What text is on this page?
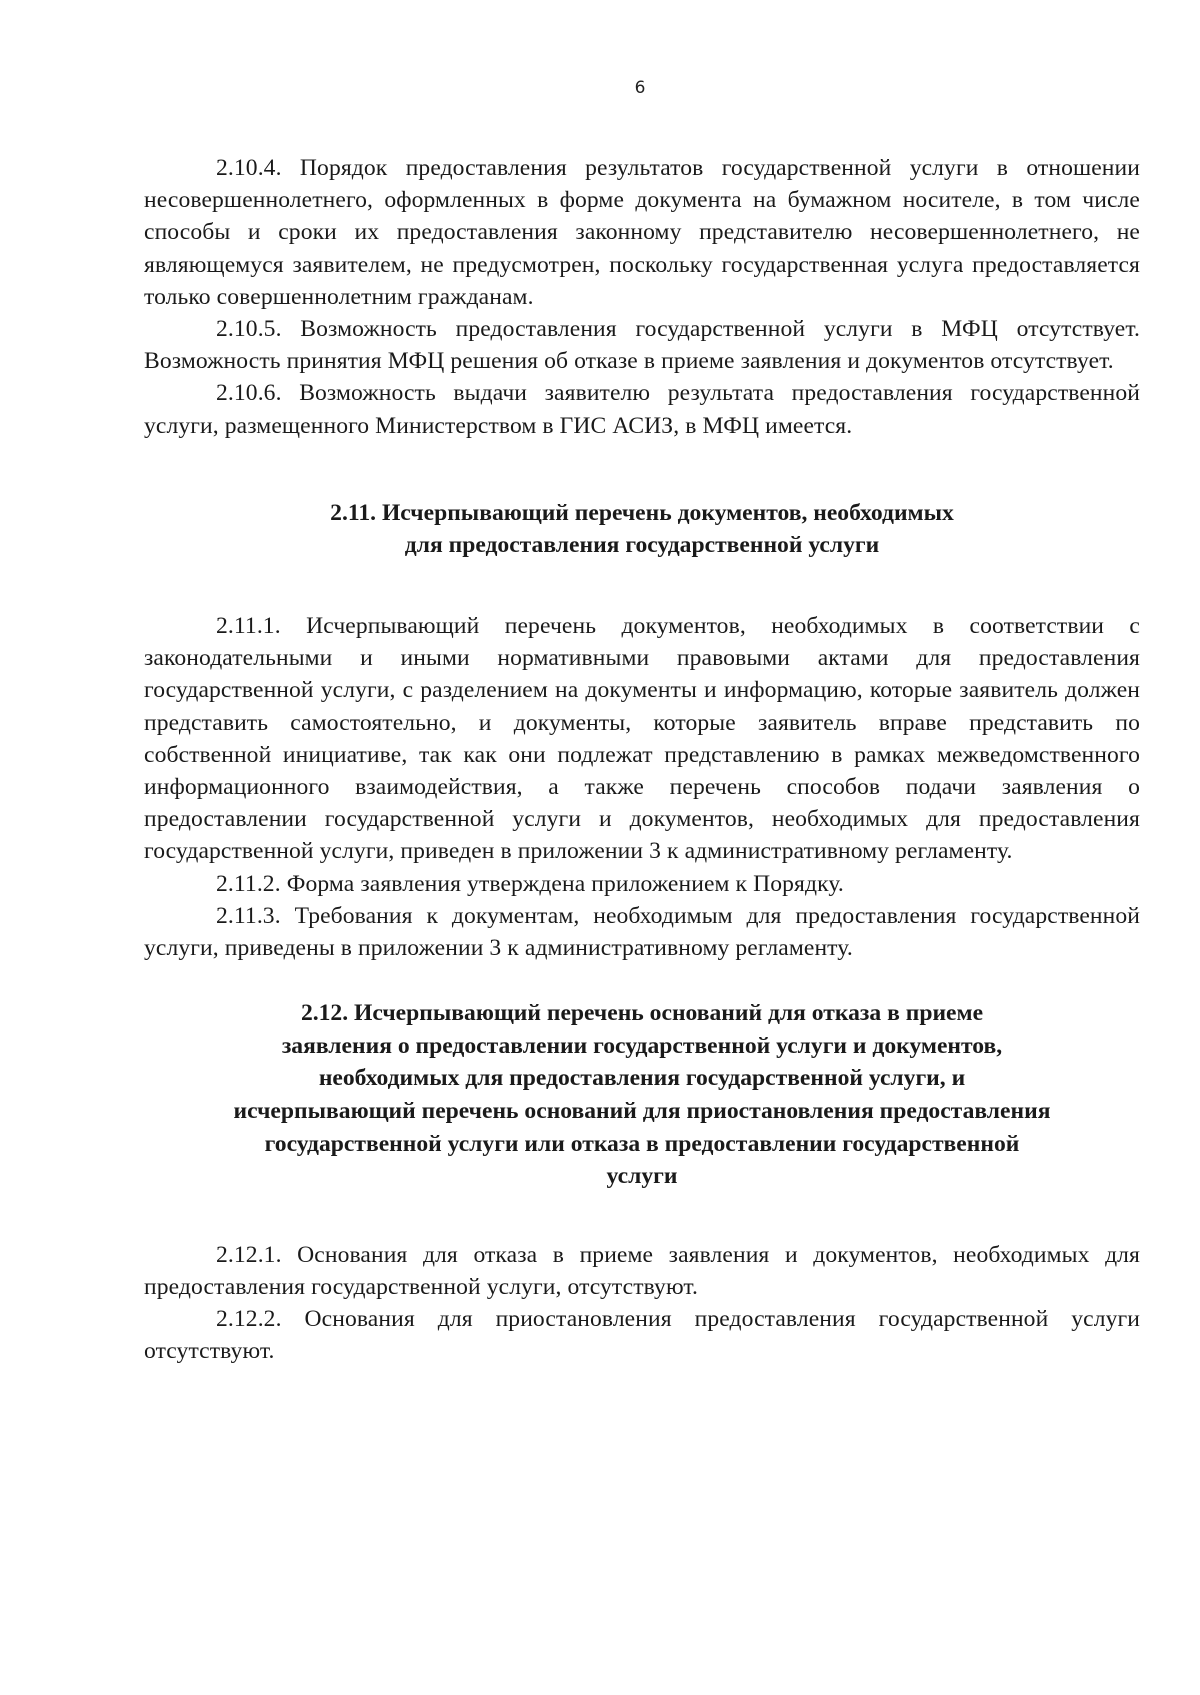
6

2.10.4. Порядок предоставления результатов государственной услуги в отношении несовершеннолетнего, оформленных в форме документа на бумажном носителе, в том числе способы и сроки их предоставления законному представителю несовершеннолетнего, не являющемуся заявителем, не предусмотрен, поскольку государственная услуга предоставляется только совершеннолетним гражданам.

2.10.5. Возможность предоставления государственной услуги в МФЦ отсутствует. Возможность принятия МФЦ решения об отказе в приеме заявления и документов отсутствует.

2.10.6. Возможность выдачи заявителю результата предоставления государственной услуги, размещенного Министерством в ГИС АСИЗ, в МФЦ имеется.

2.11. Исчерпывающий перечень документов, необходимых
для предоставления государственной услуги

2.11.1. Исчерпывающий перечень документов, необходимых в соответствии с законодательными и иными нормативными правовыми актами для предоставления государственной услуги, с разделением на документы и информацию, которые заявитель должен представить самостоятельно, и документы, которые заявитель вправе представить по собственной инициативе, так как они подлежат представлению в рамках межведомственного информационного взаимодействия, а также перечень способов подачи заявления о предоставлении государственной услуги и документов, необходимых для предоставления государственной услуги, приведен в приложении 3 к административному регламенту.

2.11.2. Форма заявления утверждена приложением к Порядку.

2.11.3. Требования к документам, необходимым для предоставления государственной услуги, приведены в приложении 3 к административному регламенту.

2.12. Исчерпывающий перечень оснований для отказа в приеме
заявления о предоставлении государственной услуги и документов,
необходимых для предоставления государственной услуги, и
исчерпывающий перечень оснований для приостановления предоставления
государственной услуги или отказа в предоставлении государственной
услуги

2.12.1. Основания для отказа в приеме заявления и документов, необходимых для предоставления государственной услуги, отсутствуют.

2.12.2. Основания для приостановления предоставления государственной услуги отсутствуют.
